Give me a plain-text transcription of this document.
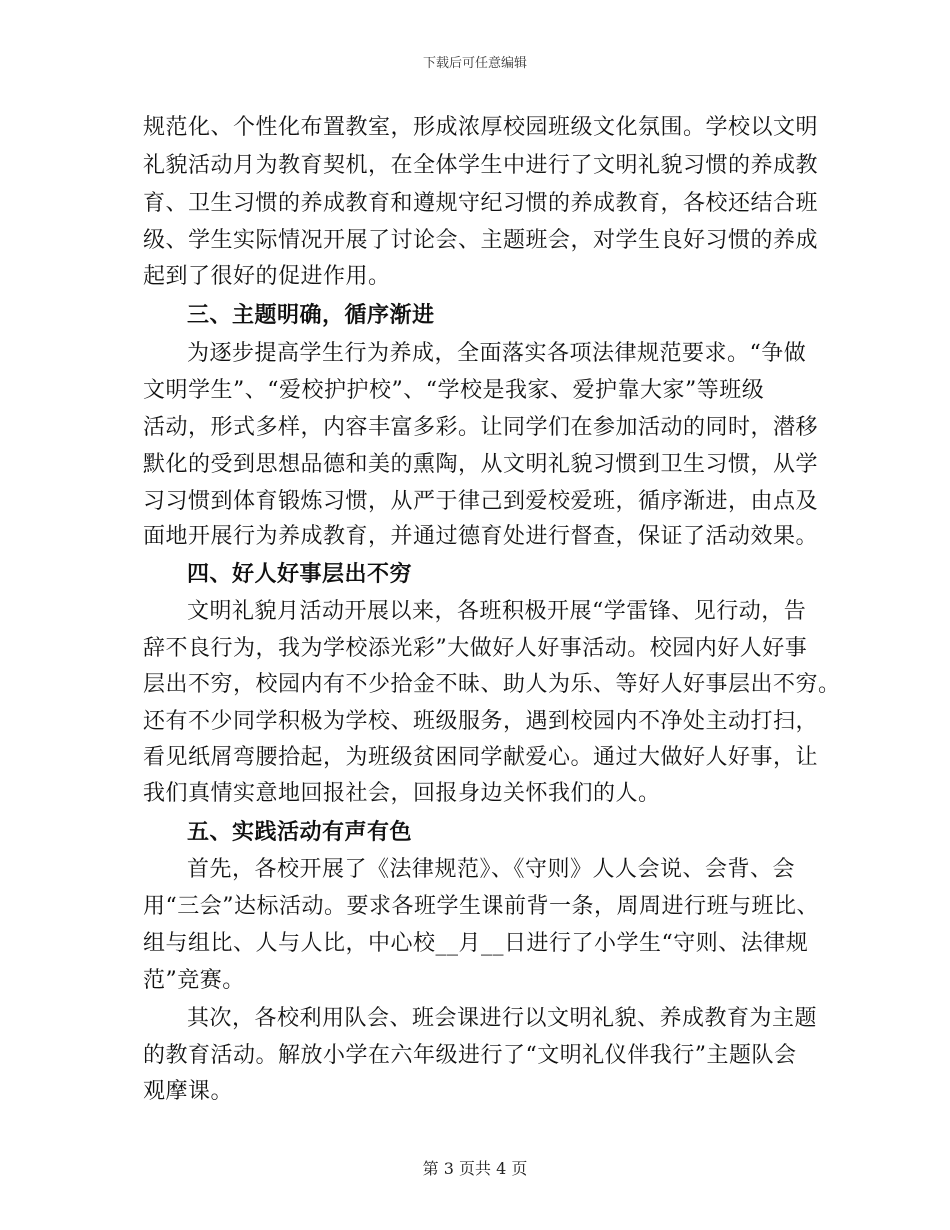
下载后可任意编辑
规范化、个性化布置教室，形成浓厚校园班级文化氛围。学校以文明
礼貌活动月为教育契机，在全体学生中进行了文明礼貌习惯的养成教
育、卫生习惯的养成教育和遵规守纪习惯的养成教育，各校还结合班
级、学生实际情况开展了讨论会、主题班会，对学生良好习惯的养成
起到了很好的促进作用。
三、主题明确，循序渐进
为逐步提高学生行为养成，全面落实各项法律规范要求。“争做
文明学生”、“爱校护护校”、“学校是我家、爱护靠大家”等班级
活动，形式多样，内容丰富多彩。让同学们在参加活动的同时，潜移
默化的受到思想品德和美的熏陶，从文明礼貌习惯到卫生习惯，从学
习习惯到体育锻炼习惯，从严于律己到爱校爱班，循序渐进，由点及
面地开展行为养成教育，并通过德育处进行督查，保证了活动效果。
四、好人好事层出不穷
文明礼貌月活动开展以来，各班积极开展“学雷锋、见行动，告
辞不良行为，我为学校添光彩”大做好人好事活动。校园内好人好事
层出不穷，校园内有不少拾金不昧、助人为乐、等好人好事层出不穷。
还有不少同学积极为学校、班级服务，遇到校园内不净处主动打扫，
看见纸屑弯腰拾起，为班级贫困同学献爱心。通过大做好人好事，让
我们真情实意地回报社会，回报身边关怀我们的人。
五、实践活动有声有色
首先，各校开展了《法律规范》、《守则》人人会说、会背、会
用“三会”达标活动。要求各班学生课前背一条，周周进行班与班比、
组与组比、人与人比，中心校__月__日进行了小学生“守则、法律规
范”竞赛。
其次，各校利用队会、班会课进行以文明礼貌、养成教育为主题
的教育活动。解放小学在六年级进行了“文明礼仪伴我行”主题队会
观摩课。
第 3 页共 4 页
